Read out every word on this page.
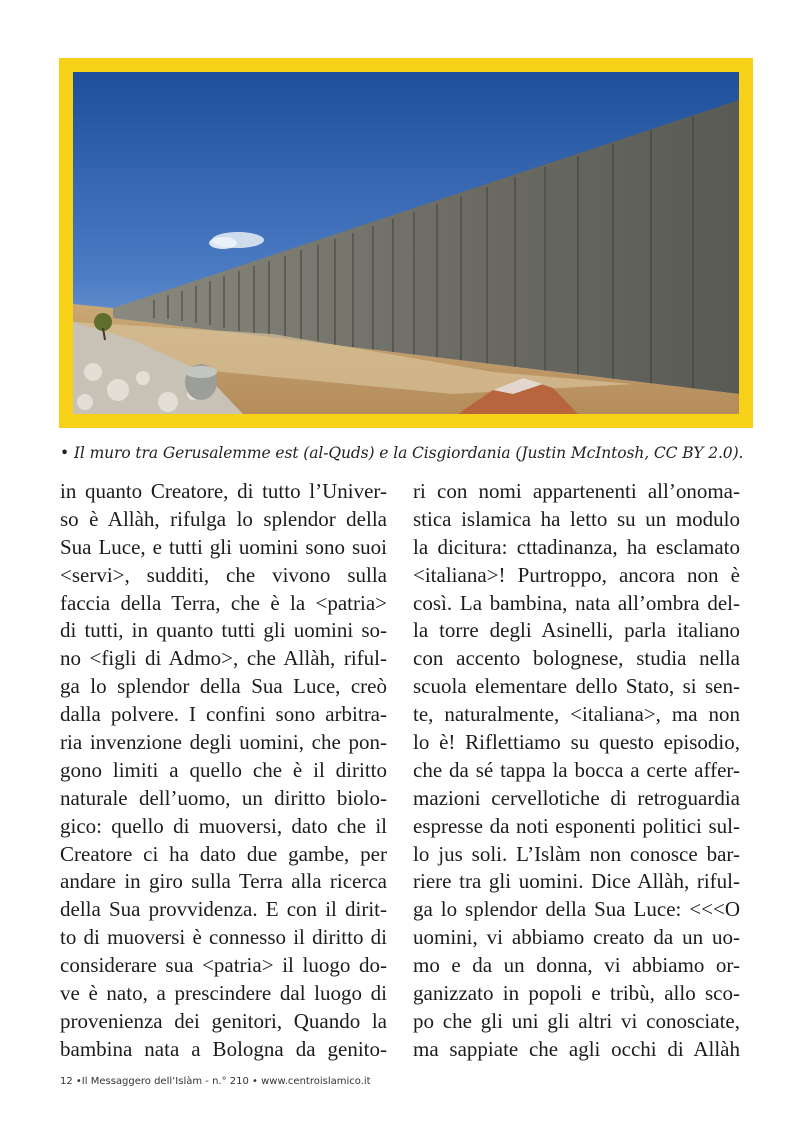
• Il muro tra Gerusalemme est (al-Quds) e la Cisgiordania (Justin McIntosh, CC BY 2.0).
in quanto Creatore, di tutto l’Univer-
so è Allàh, rifulga lo splendor della
Sua Luce, e tutti gli uomini sono suoi
<servi>, sudditi, che vivono sulla
faccia della Terra, che è la <patria>
di tutti, in quanto tutti gli uomini so-
no <figli di Admo>, che Allàh, riful-
ga lo splendor della Sua Luce, creò
dalla polvere. I confini sono arbitra-
ria invenzione degli uomini, che pon-
gono limiti a quello che è il diritto
naturale dell’uomo, un diritto biolo-
gico: quello di muoversi, dato che il
Creatore ci ha dato due gambe, per
andare in giro sulla Terra alla ricerca
della Sua provvidenza. E con il dirit-
to di muoversi è connesso il diritto di
considerare sua <patria> il luogo do-
ve è nato, a prescindere dal luogo di
provenienza dei genitori, Quando la
bambina nata a Bologna da genito-
ri con nomi appartenenti all’onoma-
stica islamica ha letto su un modulo
la dicitura: cttadinanza, ha esclamato
<italiana>! Purtroppo, ancora non è
così. La bambina, nata all’ombra del-
la torre degli Asinelli, parla italiano
con accento bolognese, studia nella
scuola elementare dello Stato, si sen-
te, naturalmente, <italiana>, ma non
lo è! Riflettiamo su questo episodio,
che da sé tappa la bocca a certe affer-
mazioni cervellotiche di retroguardia
espresse da noti esponenti politici sul-
lo jus soli. L’Islàm non conosce bar-
riere tra gli uomini. Dice Allàh, riful-
ga lo splendor della Sua Luce: <<<O
uomini, vi abbiamo creato da un uo-
mo e da un donna, vi abbiamo or-
ganizzato in popoli e tribù, allo sco-
po che gli uni gli altri vi conosciate,
ma sappiate che agli occhi di Allàh
12 •Il Messaggero dell’Islàm - n.° 210 • www.centroislamico.it
